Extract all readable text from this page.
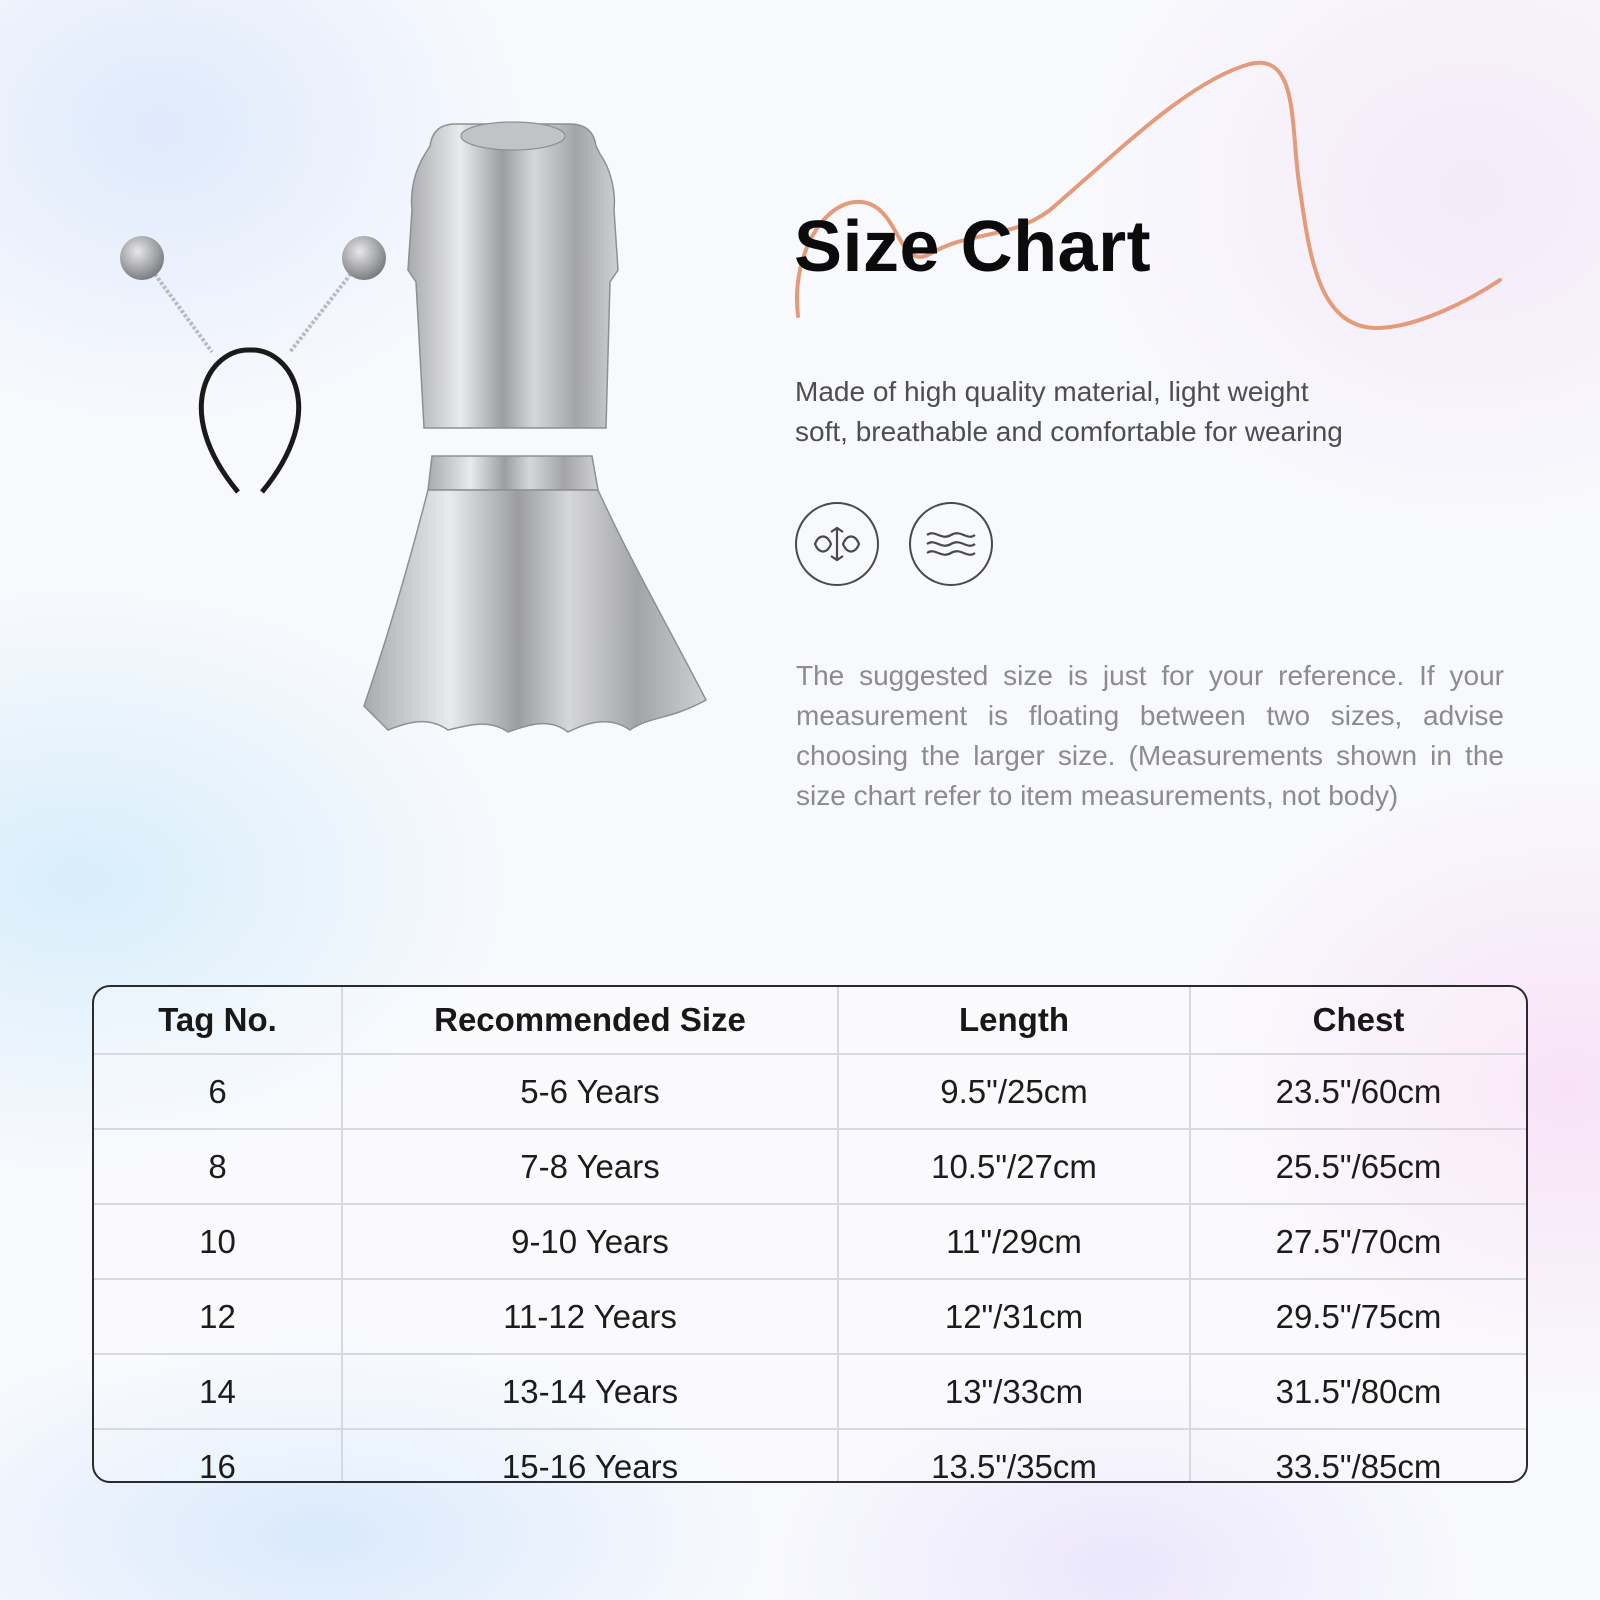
Size Chart
Made of high quality material, light weight
soft, breathable and comfortable for wearing

The suggested size is just for your reference. If your measurement is floating between two sizes, advise choosing the larger size. (Measurements shown in the size chart refer to item measurements, not body)

Tag No.	Recommended Size	Length	Chest
6	5-6 Years	9.5"/25cm	23.5"/60cm
8	7-8 Years	10.5"/27cm	25.5"/65cm
10	9-10 Years	11"/29cm	27.5"/70cm
12	11-12 Years	12"/31cm	29.5"/75cm
14	13-14 Years	13"/33cm	31.5"/80cm
16	15-16 Years	13.5"/35cm	33.5"/85cm
